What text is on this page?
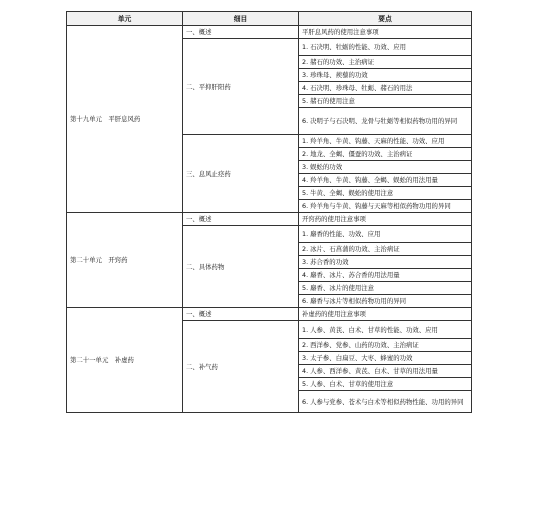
单元	细目	要点
第十九单元　平肝息风药	一、概述	平肝息风药的使用注意事项
	二、平抑肝阳药	1. 石决明、牡蛎的性能、功效、应用
		2. 赭石的功效、主治病证
		3. 珍珠母、蒺藜的功效
		4. 石决明、珍珠母、牡蛎、赭石的用法
		5. 赭石的使用注意
		6. 决明子与石决明、龙骨与牡蛎等相似药物功用的异同
	三、息风止痉药	1. 羚羊角、牛黄、钩藤、天麻的性能、功效、应用
		2. 地龙、全蝎、僵蚕的功效、主治病证
		3. 蜈蚣的功效
		4. 羚羊角、牛黄、钩藤、全蝎、蜈蚣的用法用量
		5. 牛黄、全蝎、蜈蚣的使用注意
		6. 羚羊角与牛黄、钩藤与天麻等相似药物功用的异同
第二十单元　开窍药	一、概述	开窍药的使用注意事项
	二、具体药物	1. 麝香的性能、功效、应用
		2. 冰片、石菖蒲的功效、主治病证
		3. 苏合香的功效
		4. 麝香、冰片、苏合香的用法用量
		5. 麝香、冰片的使用注意
		6. 麝香与冰片等相似药物功用的异同
第二十一单元　补虚药	一、概述	补虚药的使用注意事项
	二、补气药	1. 人参、黄芪、白术、甘草的性能、功效、应用
		2. 西洋参、党参、山药的功效、主治病证
		3. 太子参、白扁豆、大枣、蜂蜜的功效
		4. 人参、西洋参、黄芪、白术、甘草的用法用量
		5. 人参、白术、甘草的使用注意
		6. 人参与党参、苍术与白术等相似药物性能、功用的异同
